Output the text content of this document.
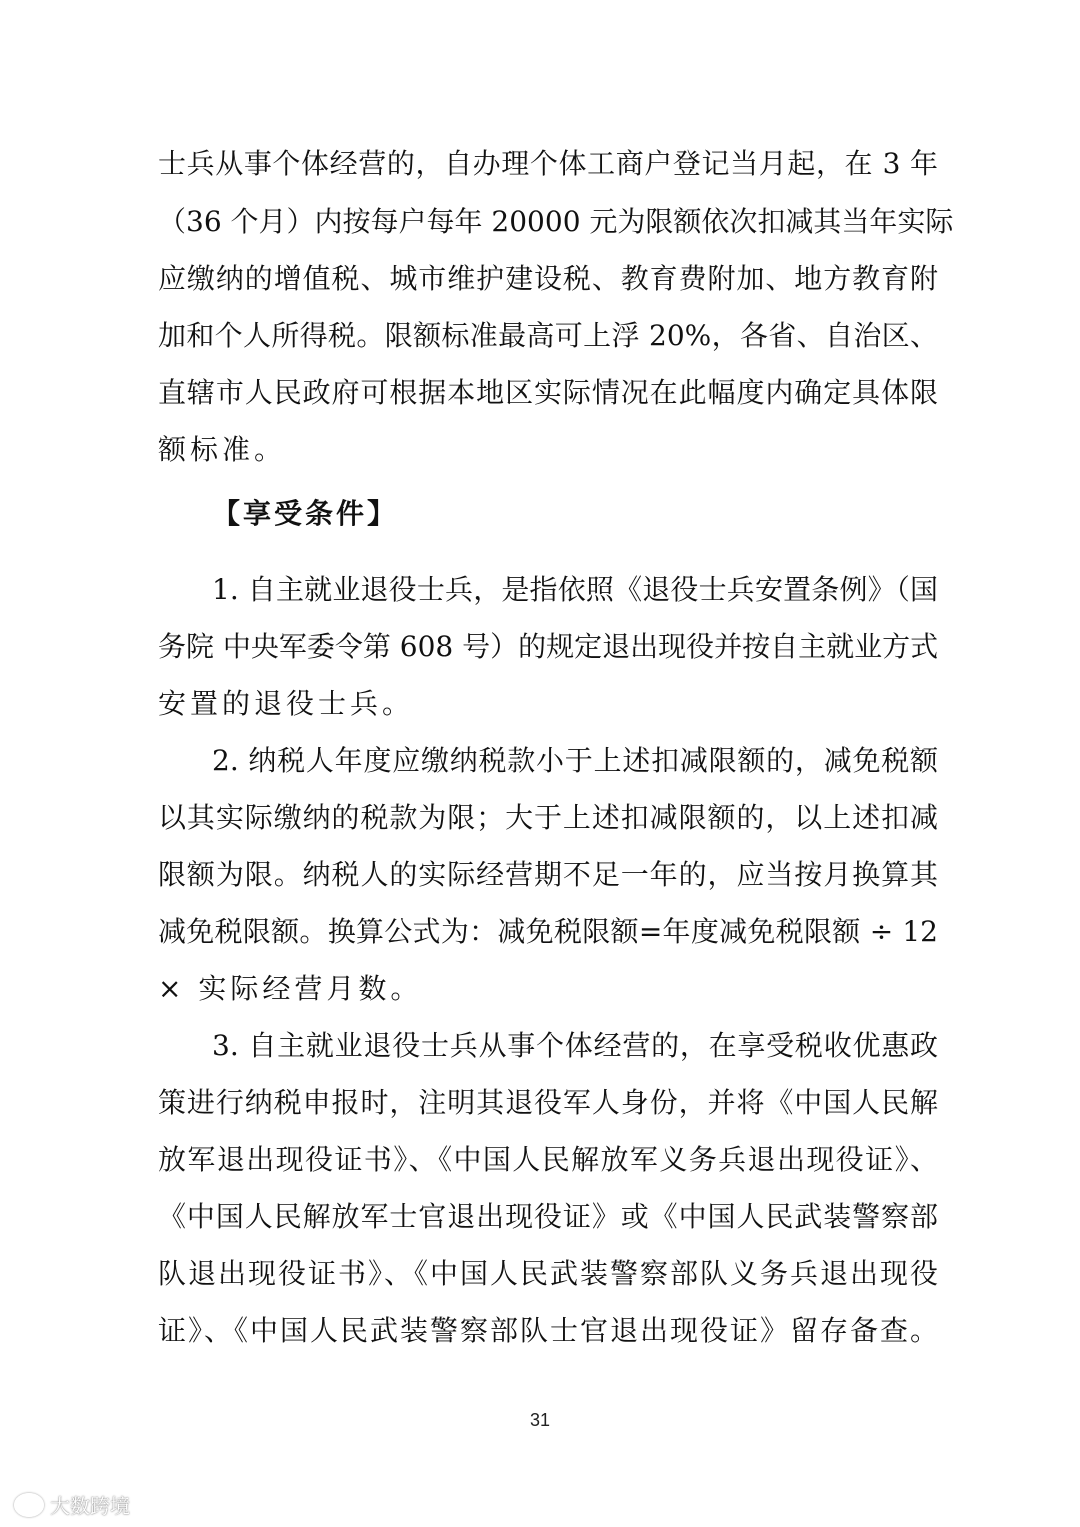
士兵从事个体经营的，自办理个体工商户登记当月起，在 3 年
（36 个月）内按每户每年 20000 元为限额依次扣减其当年实际
应缴纳的增值税、城市维护建设税、教育费附加、地方教育附
加和个人所得税。限额标准最高可上浮 20%，各省、自治区、
直辖市人民政府可根据本地区实际情况在此幅度内确定具体限
额标准。
【享受条件】
1. 自主就业退役士兵，是指依照《退役士兵安置条例》（国
务院 中央军委令第 608 号）的规定退出现役并按自主就业方式
安置的退役士兵。
2. 纳税人年度应缴纳税款小于上述扣减限额的，减免税额
以其实际缴纳的税款为限；大于上述扣减限额的，以上述扣减
限额为限。纳税人的实际经营期不足一年的，应当按月换算其
减免税限额。换算公式为：减免税限额=年度减免税限额 ÷ 12
× 实际经营月数。
3. 自主就业退役士兵从事个体经营的，在享受税收优惠政
策进行纳税申报时，注明其退役军人身份，并将《中国人民解
放军退出现役证书》、《中国人民解放军义务兵退出现役证》、
《中国人民解放军士官退出现役证》或《中国人民武装警察部
队退出现役证书》、《中国人民武装警察部队义务兵退出现役
证》、《中国人民武装警察部队士官退出现役证》留存备查。
31
大数跨境
